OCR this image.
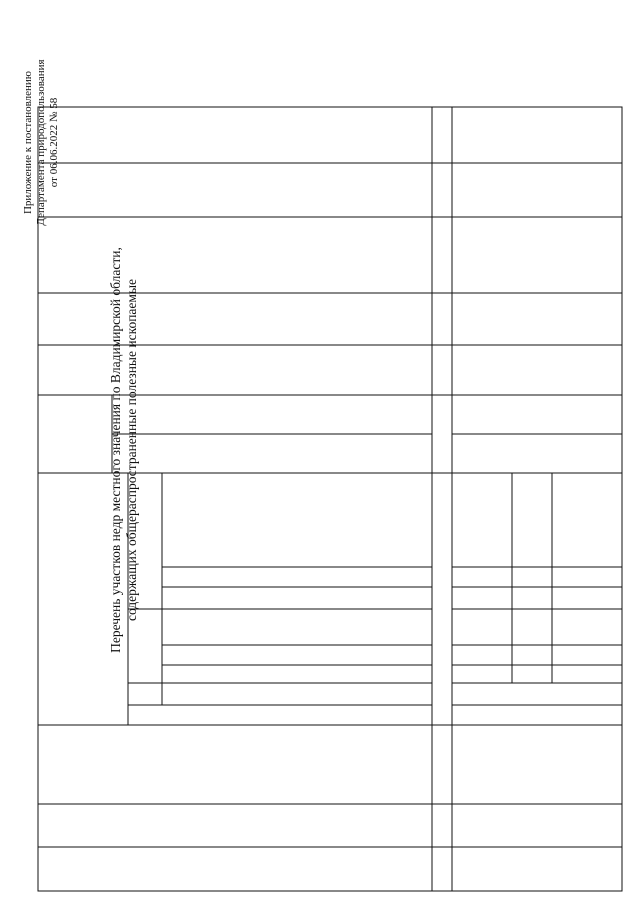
Приложение к постановлению Департамента природопользования от 06.06.2022 № 58
Перечень участков недр местного значения по Владимирской области, содержащих общераспространенные полезные ископаемые
